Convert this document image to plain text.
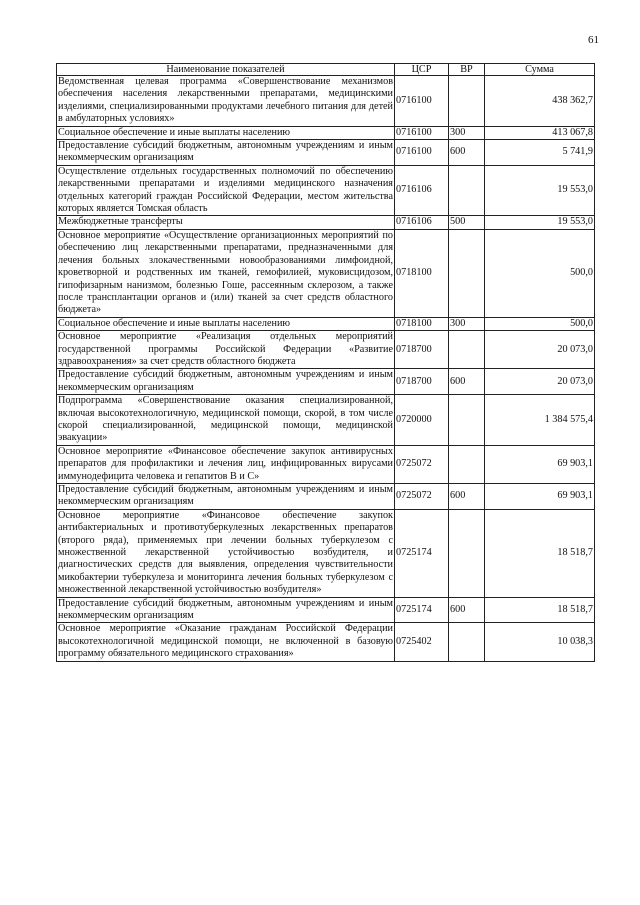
61
Наименование показателей	ЦСР	ВР	Сумма
Ведомственная целевая программа «Совершенствование механизмов обеспечения населения лекарственными препаратами, медицинскими изделиями, специализированными продуктами лечебного питания для детей в амбулаторных условиях»	0716100		438 362,7
Социальное обеспечение и иные выплаты населению	0716100	300	413 067,8
Предоставление субсидий бюджетным, автономным учреждениям и иным некоммерческим организациям	0716100	600	5 741,9
Осуществление отдельных государственных полномочий по обеспечению лекарственными препаратами и изделиями медицинского назначения отдельных категорий граждан Российской Федерации, местом жительства которых является Томская область	0716106		19 553,0
Межбюджетные трансферты	0716106	500	19 553,0
Основное мероприятие «Осуществление организационных мероприятий по обеспечению лиц лекарственными препаратами, предназначенными для лечения больных злокачественными новообразованиями лимфоидной, кроветворной и родственных им тканей, гемофилией, муковисцидозом, гипофизарным нанизмом, болезнью Гоше, рассеянным склерозом, а также после трансплантации органов и (или) тканей за счет средств областного бюджета»	0718100		500,0
Социальное обеспечение и иные выплаты населению	0718100	300	500,0
Основное мероприятие «Реализация отдельных мероприятий государственной программы Российской Федерации «Развитие здравоохранения» за счет средств областного бюджета	0718700		20 073,0
Предоставление субсидий бюджетным, автономным учреждениям и иным некоммерческим организациям	0718700	600	20 073,0
Подпрограмма «Совершенствование оказания специализированной, включая высокотехнологичную, медицинской помощи, скорой, в том числе скорой специализированной, медицинской помощи, медицинской эвакуации»	0720000		1 384 575,4
Основное мероприятие «Финансовое обеспечение закупок антивирусных препаратов для профилактики и лечения лиц, инфицированных вирусами иммунодефицита человека и гепатитов В и С»	0725072		69 903,1
Предоставление субсидий бюджетным, автономным учреждениям и иным некоммерческим организациям	0725072	600	69 903,1
Основное мероприятие «Финансовое обеспечение закупок антибактериальных и противотуберкулезных лекарственных препаратов (второго ряда), применяемых при лечении больных туберкулезом с множественной лекарственной устойчивостью возбудителя, и диагностических средств для выявления, определения чувствительности микобактерии туберкулеза и мониторинга лечения больных туберкулезом с множественной лекарственной устойчивостью возбудителя»	0725174		18 518,7
Предоставление субсидий бюджетным, автономным учреждениям и иным некоммерческим организациям	0725174	600	18 518,7
Основное мероприятие «Оказание гражданам Российской Федерации высокотехнологичной медицинской помощи, не включенной в базовую программу обязательного медицинского страхования»	0725402		10 038,3
